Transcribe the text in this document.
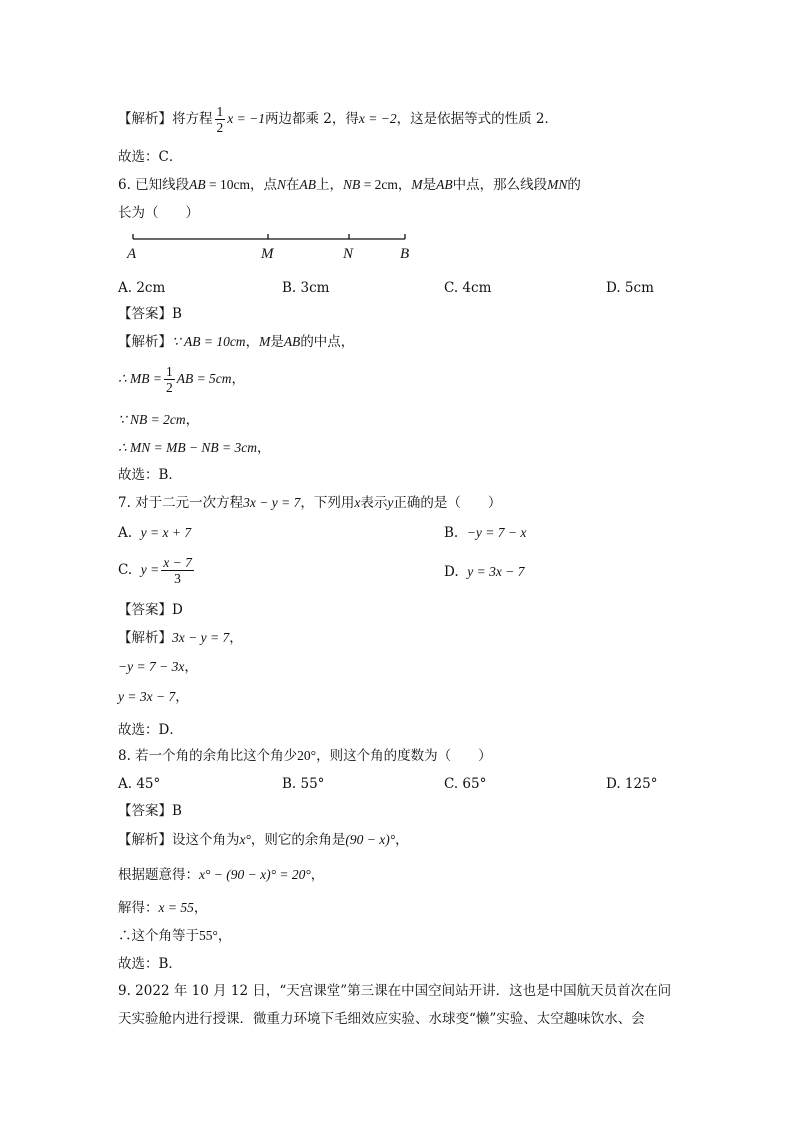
【解析】将方程 $\frac{1}{2}$ x = −1两边都乘 2，得x = −2，这是依据等式的性质 2．
故选：C．
6. 已知线段AB = 10cm，点N在AB上，NB = 2cm，M是AB中点，那么线段MN的
长为（　　）
A	M	N	B
A. 2cm	B. 3cm	C. 4cm	D. 5cm
【答案】B
【解析】∵ AB = 10cm，M是AB的中点，
∴ MB = $\frac{1}{2}$ AB = 5cm，
∵ NB = 2cm，
∴ MN = MB − NB = 3cm，
故选：B．
7. 对于二元一次方程3x − y = 7，下列用x表示y正确的是（　　）
A. y = x + 7	B. −y = 7 − x
C. $y = \frac{x - 7}{3}$	D. y = 3x − 7
【答案】D
【解析】3x − y = 7，
−y = 7 − 3x，
y = 3x − 7，
故选：D．
8. 若一个角的余角比这个角少20°，则这个角的度数为（　　）
A. 45°	B. 55°	C. 65°	D. 125°
【答案】B
【解析】设这个角为x°，则它的余角是(90 − x)°，
根据题意得：x° − (90 − x)° = 20°，
解得：x = 55，
∴这个角等于55°，
故选：B．
9. 2022 年 10 月 12 日，“天宫课堂”第三课在中国空间站开讲．这也是中国航天员首次在问
天实验舱内进行授课．微重力环境下毛细效应实验、水球变“懒”实验、太空趣味饮水、会
